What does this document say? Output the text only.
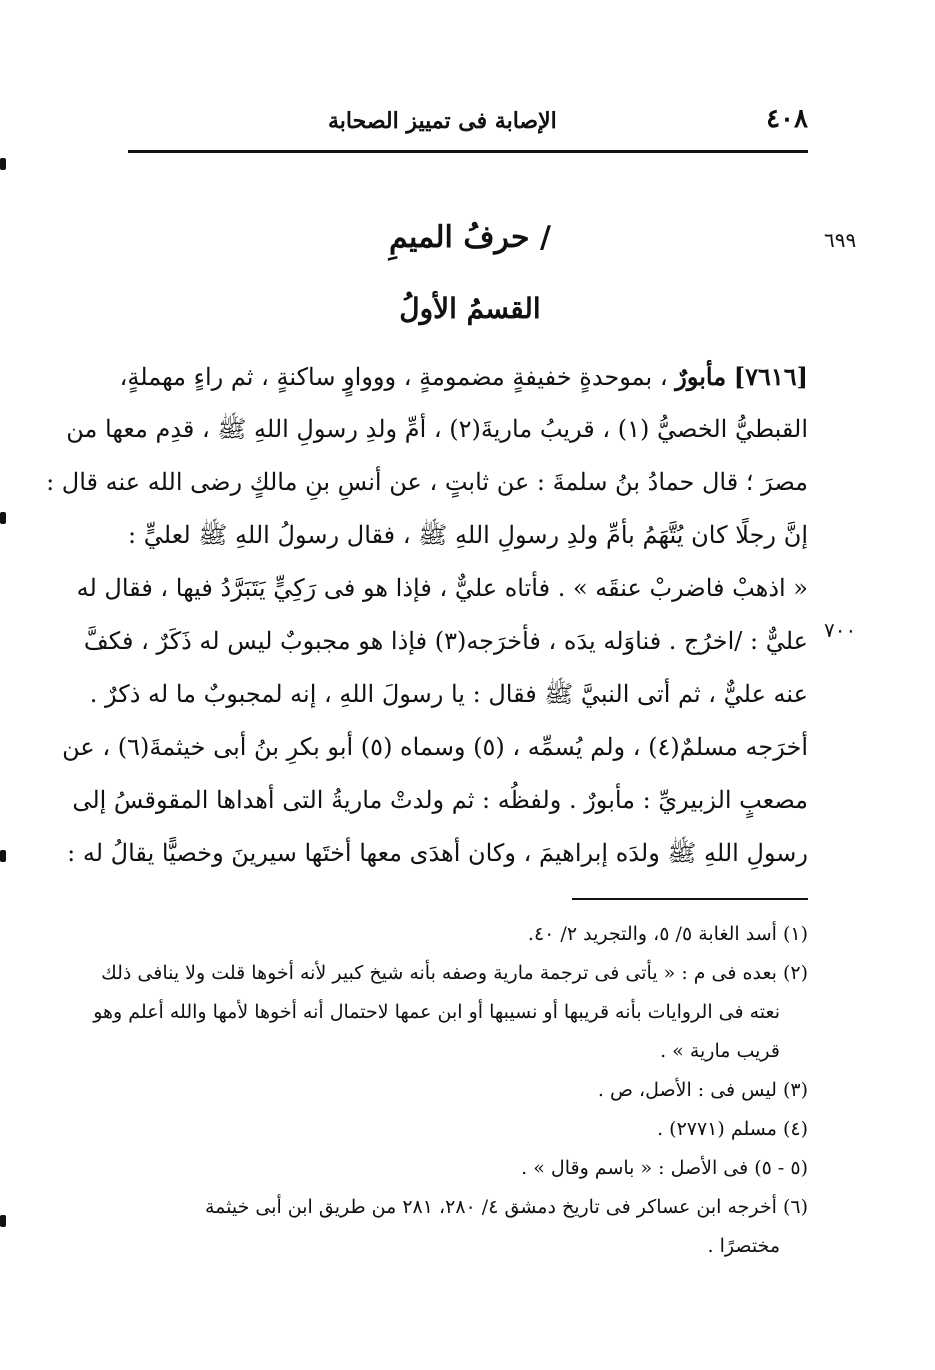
٤٠٨
الإصابة فى تمييز الصحابة
٦٩٩
٧٠٠
/ حرفُ الميمِ
القسمُ الأولُ
[٧٦١٦] مأبورٌ ، بموحدةٍ خفيفةٍ مضمومةٍ ، ووواوٍ ساكنةٍ ، ثم راءٍ مهملةٍ،
القبطيُّ الخصيُّ (١) ، قريبُ ماريةَ(٢) ، أمِّ ولدِ رسولِ اللهِ ﷺ ، قدِم معها من
مصرَ ؛ قال حمادُ بنُ سلمةَ : عن ثابتٍ ، عن أنسِ بنِ مالكٍ رضى الله عنه قال :
إنَّ رجلًا كان يُتَّهَمُ بأمِّ ولدِ رسولِ اللهِ ﷺ ، فقال رسولُ اللهِ ﷺ لعليٍّ :
« اذهبْ فاضربْ عنقَه » . فأتاه عليٌّ ، فإذا هو فى رَكِيٍّ يَتَبَرَّدُ فيها ، فقال له
عليٌّ : /اخرُج . فناوَله يدَه ، فأخرَجه(٣) فإذا هو مجبوبٌ ليس له ذَكَرٌ ، فكفَّ
عنه عليٌّ ، ثم أتى النبيَّ ﷺ فقال : يا رسولَ اللهِ ، إنه لمجبوبٌ ما له ذكرٌ .
أخرَجه مسلمٌ(٤) ، ولم يُسمِّه ، (٥) وسماه (٥) أبو بكرِ بنُ أبى خيثمةَ(٦) ، عن
مصعبٍ الزبيريِّ : مأبورٌ . ولفظُه : ثم ولدتْ ماريةُ التى أهداها المقوقسُ إلى
رسولِ اللهِ ﷺ ولدَه إبراهيمَ ، وكان أهدَى معها أختَها سيرينَ وخصيًّا يقالُ له :
(١) أسد الغابة ٥/ ٥، والتجريد ٢/ ٤٠.
(٢) بعده فى م : « يأتى فى ترجمة مارية وصفه بأنه شيخ كبير لأنه أخوها قلت ولا ينافى ذلك
نعته فى الروايات بأنه قريبها أو نسيبها أو ابن عمها لاحتمال أنه أخوها لأمها والله أعلم وهو
قريب مارية » .
(٣) ليس فى : الأصل، ص .
(٤) مسلم (٢٧٧١) .
(٥ - ٥) فى الأصل : « باسم وقال » .
(٦) أخرجه ابن عساكر فى تاريخ دمشق ٤/ ٢٨٠، ٢٨١ من طريق ابن أبى خيثمة
مختصرًا .
